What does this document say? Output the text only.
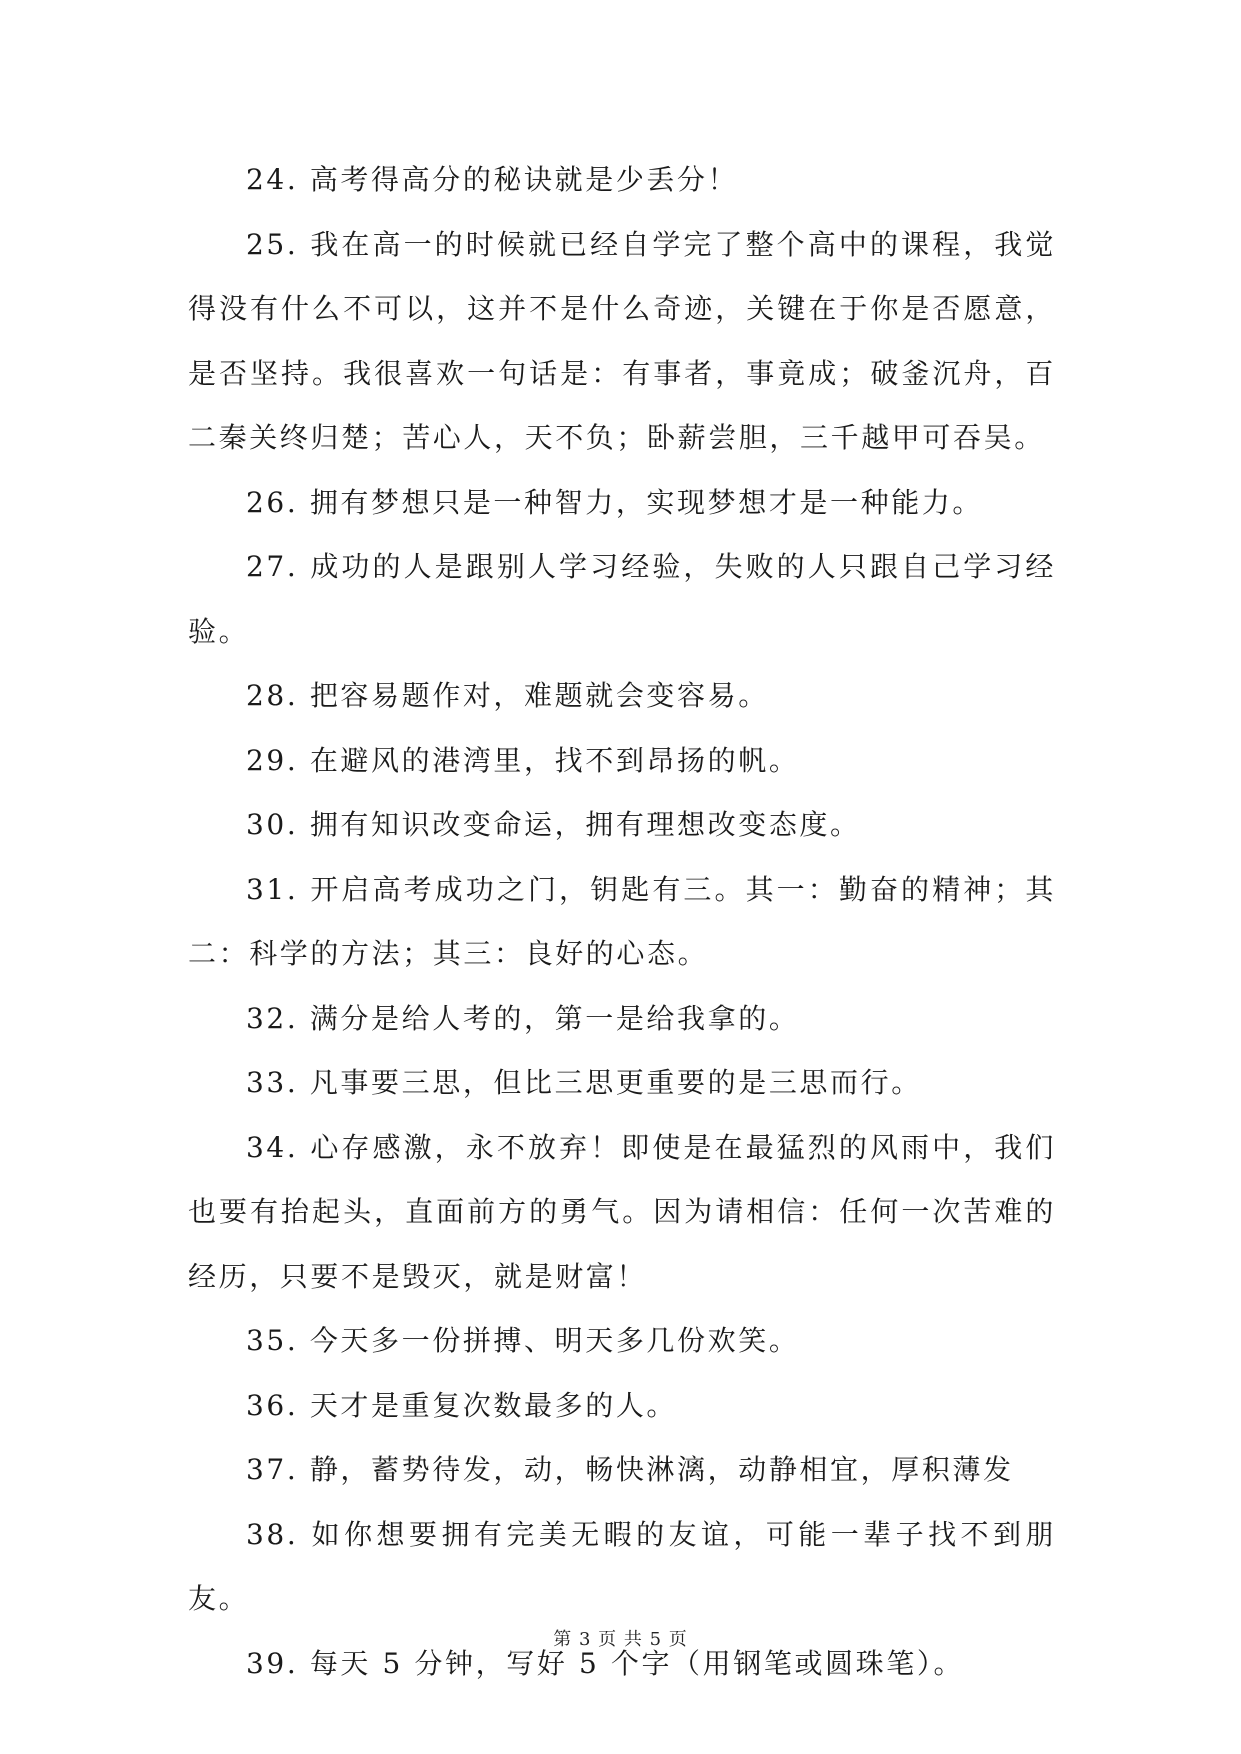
24. 高考得高分的秘诀就是少丢分！

25. 我在高一的时候就已经自学完了整个高中的课程，我觉得没有什么不可以，这并不是什么奇迹，关键在于你是否愿意，是否坚持。我很喜欢一句话是：有事者，事竟成；破釜沉舟，百二秦关终归楚；苦心人，天不负；卧薪尝胆，三千越甲可吞吴。

26. 拥有梦想只是一种智力，实现梦想才是一种能力。

27. 成功的人是跟别人学习经验，失败的人只跟自己学习经验。

28. 把容易题作对，难题就会变容易。

29. 在避风的港湾里，找不到昂扬的帆。

30. 拥有知识改变命运，拥有理想改变态度。

31. 开启高考成功之门，钥匙有三。其一：勤奋的精神；其二：科学的方法；其三：良好的心态。

32. 满分是给人考的，第一是给我拿的。

33. 凡事要三思，但比三思更重要的是三思而行。

34. 心存感激，永不放弃！即使是在最猛烈的风雨中，我们也要有抬起头，直面前方的勇气。因为请相信：任何一次苦难的经历，只要不是毁灭，就是财富！

35. 今天多一份拼搏、明天多几份欢笑。

36. 天才是重复次数最多的人。

37. 静，蓄势待发，动，畅快淋漓，动静相宜，厚积薄发

38. 如你想要拥有完美无暇的友谊，可能一辈子找不到朋友。

39. 每天 5 分钟，写好 5 个字（用钢笔或圆珠笔）。

第 3 页 共 5 页
